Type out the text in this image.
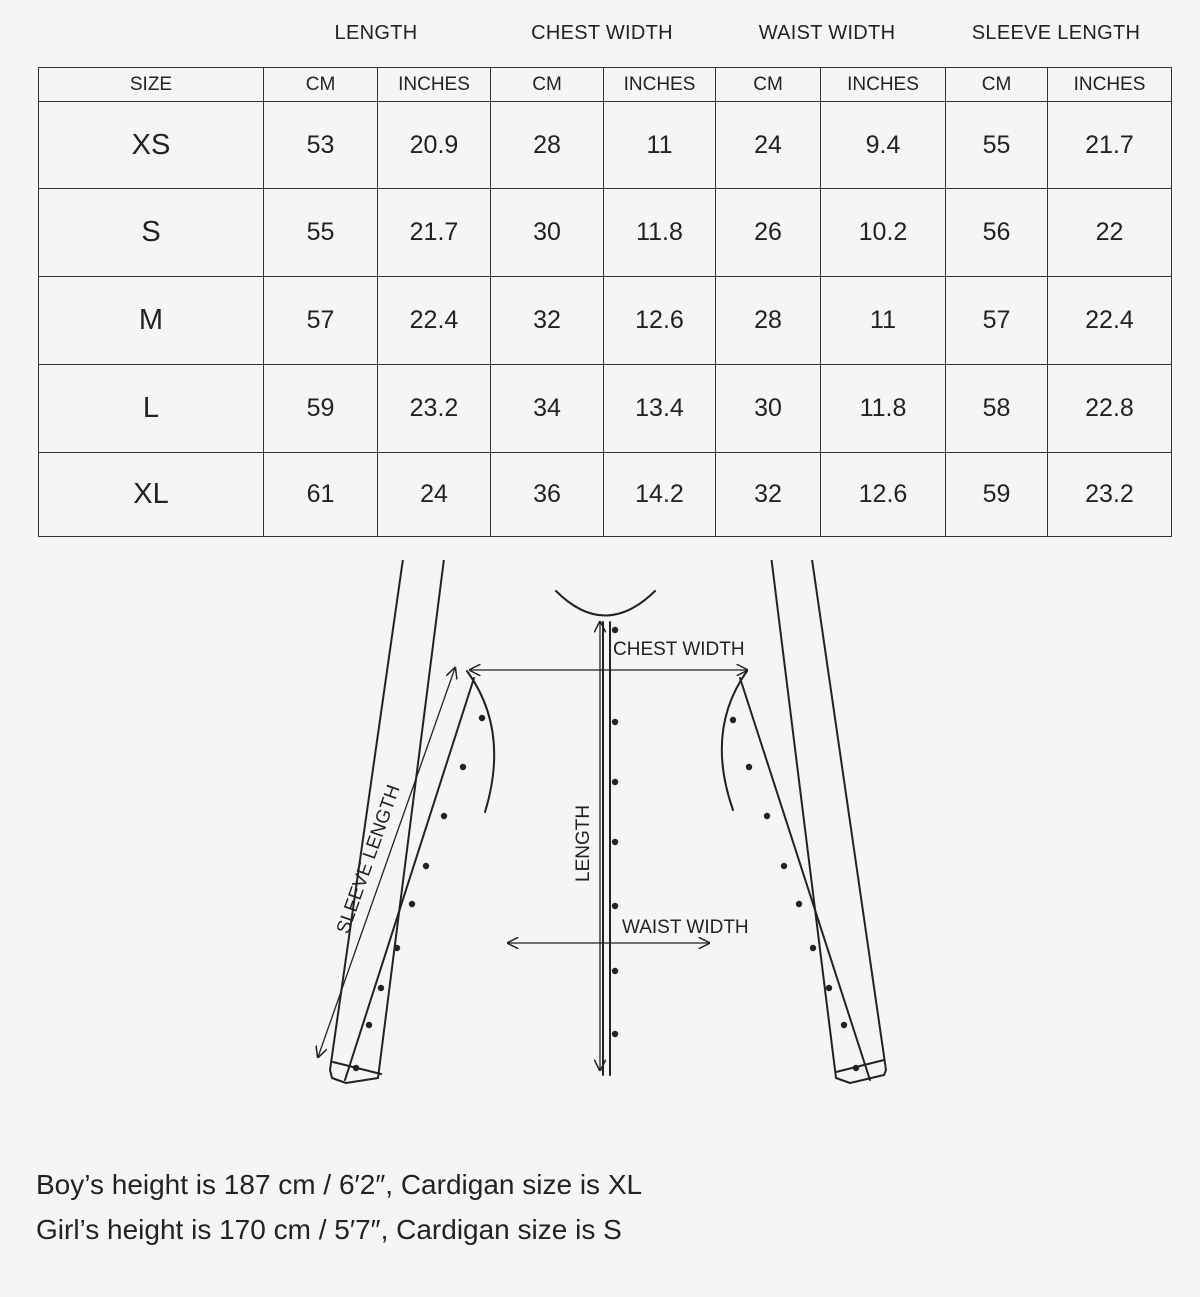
LENGTH	CHEST WIDTH	WAIST WIDTH	SLEEVE LENGTH
SIZE	CM	INCHES	CM	INCHES	CM	INCHES	CM	INCHES
XS	53	20.9	28	11	24	9.4	55	21.7
S	55	21.7	30	11.8	26	10.2	56	22
M	57	22.4	32	12.6	28	11	57	22.4
L	59	23.2	34	13.4	30	11.8	58	22.8
XL	61	24	36	14.2	32	12.6	59	23.2
CHEST WIDTH
LENGTH
WAIST WIDTH
SLEEVE LENGTH
Boy’s height is 187 cm / 6′2″, Cardigan size is XL
Girl’s height is 170 cm / 5′7″, Cardigan size is S
